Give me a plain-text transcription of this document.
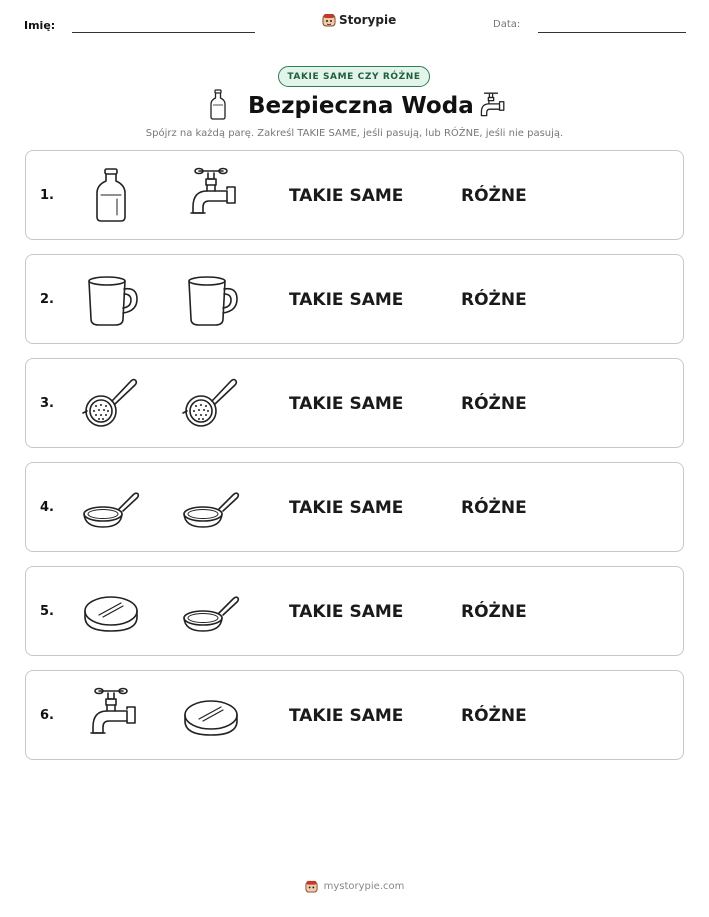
Imię:	Storypie	Data:
TAKIE SAME CZY RÓŻNE
Bezpieczna Woda
Spójrz na każdą parę. Zakreśl TAKIE SAME, jeśli pasują, lub RÓŻNE, jeśli nie pasują.
1.	TAKIE SAME	RÓŻNE
2.	TAKIE SAME	RÓŻNE
3.	TAKIE SAME	RÓŻNE
4.	TAKIE SAME	RÓŻNE
5.	TAKIE SAME	RÓŻNE
6.	TAKIE SAME	RÓŻNE
mystorypie.com
